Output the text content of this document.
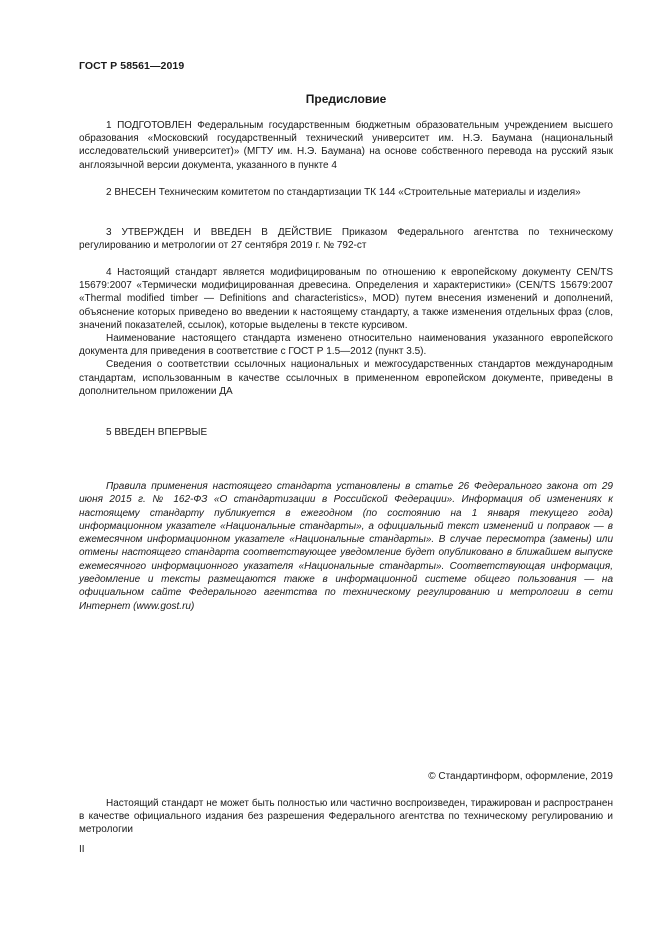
ГОСТ Р 58561—2019
Предисловие

1 ПОДГОТОВЛЕН Федеральным государственным бюджетным образовательным учреждением высшего образования «Московский государственный технический университет им. Н.Э. Баумана (национальный исследовательский университет)» (МГТУ им. Н.Э. Баумана) на основе собственного перевода на русский язык англоязычной версии документа, указанного в пункте 4

2 ВНЕСЕН Техническим комитетом по стандартизации ТК 144 «Строительные материалы и изделия»

3 УТВЕРЖДЕН И ВВЕДЕН В ДЕЙСТВИЕ Приказом Федерального агентства по техническому регулированию и метрологии от 27 сентября 2019 г. № 792-ст

4 Настоящий стандарт является модифицированым по отношению к европейскому документу CEN/TS 15679:2007 «Термически модифицированная древесина. Определения и характеристики» (CEN/TS 15679:2007 «Thermal modified timber — Definitions and characteristics», MOD) путем внесения изменений и дополнений, объяснение которых приведено во введении к настоящему стандарту, а также изменения отдельных фраз (слов, значений показателей, ссылок), которые выделены в тексте курсивом.

Наименование настоящего стандарта изменено относительно наименования указанного европейского документа для приведения в соответствие с ГОСТ Р 1.5—2012 (пункт 3.5).

Сведения о соответствии ссылочных национальных и межгосударственных стандартов международным стандартам, использованным в качестве ссылочных в примененном европейском документе, приведены в дополнительном приложении ДА

5 ВВЕДЕН ВПЕРВЫЕ

Правила применения настоящего стандарта установлены в статье 26 Федерального закона от 29 июня 2015 г. № 162-ФЗ «О стандартизации в Российской Федерации». Информация об изменениях к настоящему стандарту публикуется в ежегодном (по состоянию на 1 января текущего года) информационном указателе «Национальные стандарты», а официальный текст изменений и поправок — в ежемесячном информационном указателе «Национальные стандарты». В случае пересмотра (замены) или отмены настоящего стандарта соответствующее уведомление будет опубликовано в ближайшем выпуске ежемесячного информационного указателя «Национальные стандарты». Соответствующая информация, уведомление и тексты размещаются также в информационной системе общего пользования — на официальном сайте Федерального агентства по техническому регулированию и метрологии в сети Интернет (www.gost.ru)

© Стандартинформ, оформление, 2019

Настоящий стандарт не может быть полностью или частично воспроизведен, тиражирован и распространен в качестве официального издания без разрешения Федерального агентства по техническому регулированию и метрологии

II
